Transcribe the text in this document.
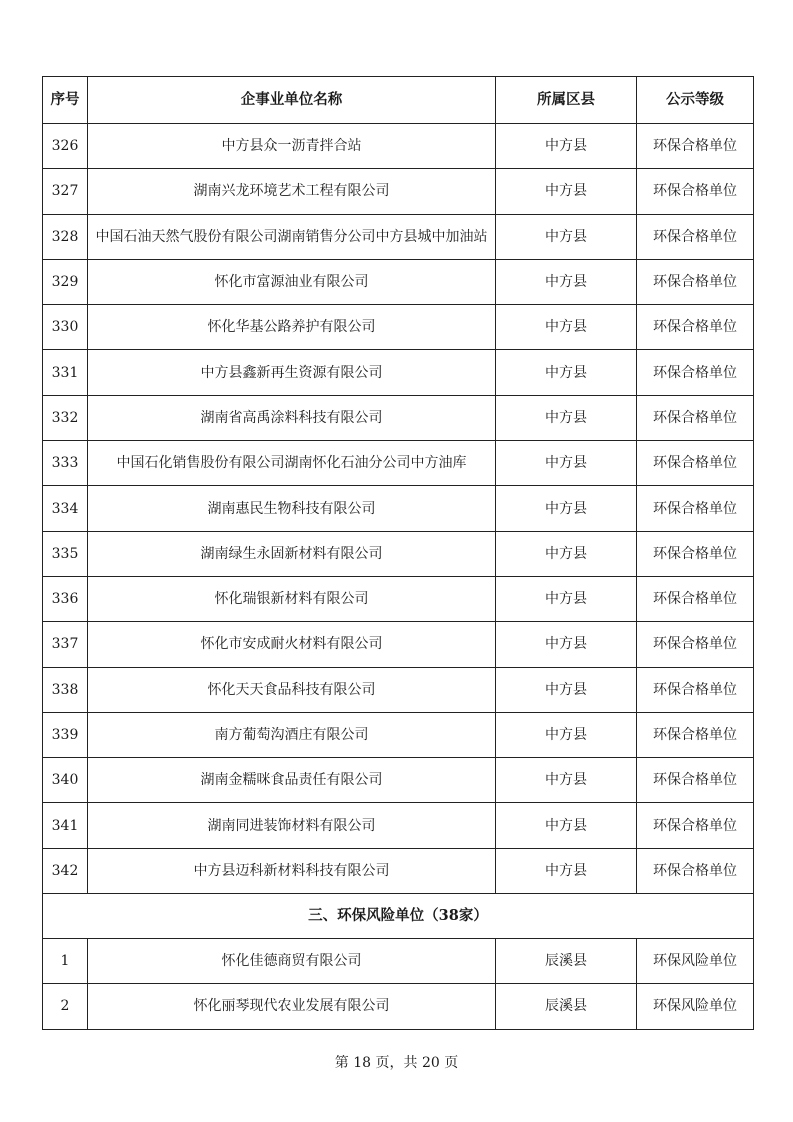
序号	企事业单位名称	所属区县	公示等级
326	中方县众一沥青拌合站	中方县	环保合格单位
327	湖南兴龙环境艺术工程有限公司	中方县	环保合格单位
328	中国石油天然气股份有限公司湖南销售分公司中方县城中加油站	中方县	环保合格单位
329	怀化市富源油业有限公司	中方县	环保合格单位
330	怀化华基公路养护有限公司	中方县	环保合格单位
331	中方县鑫新再生资源有限公司	中方县	环保合格单位
332	湖南省高禹涂料科技有限公司	中方县	环保合格单位
333	中国石化销售股份有限公司湖南怀化石油分公司中方油库	中方县	环保合格单位
334	湖南惠民生物科技有限公司	中方县	环保合格单位
335	湖南绿生永固新材料有限公司	中方县	环保合格单位
336	怀化瑞银新材料有限公司	中方县	环保合格单位
337	怀化市安成耐火材料有限公司	中方县	环保合格单位
338	怀化天天食品科技有限公司	中方县	环保合格单位
339	南方葡萄沟酒庄有限公司	中方县	环保合格单位
340	湖南金糯咪食品责任有限公司	中方县	环保合格单位
341	湖南同进装饰材料有限公司	中方县	环保合格单位
342	中方县迈科新材料科技有限公司	中方县	环保合格单位
三、环保风险单位（38家）			
1	怀化佳德商贸有限公司	辰溪县	环保风险单位
2	怀化丽琴现代农业发展有限公司	辰溪县	环保风险单位
第 18 页，共 20 页
